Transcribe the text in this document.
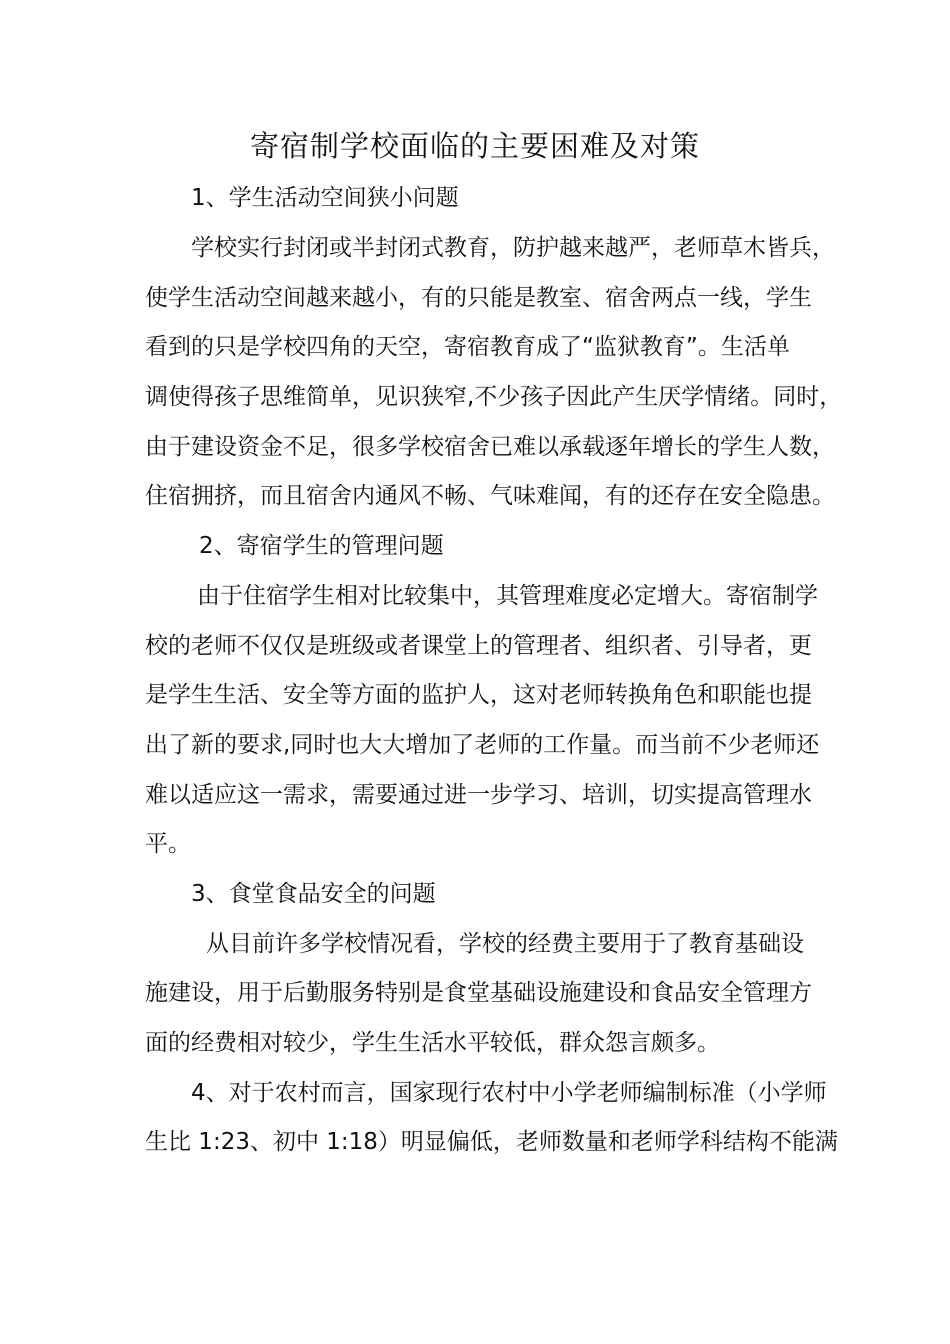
寄宿制学校面临的主要困难及对策

1、学生活动空间狭小问题

学校实行封闭或半封闭式教育，防护越来越严，老师草木皆兵，

使学生活动空间越来越小，有的只能是教室、宿舍两点一线，学生

看到的只是学校四角的天空，寄宿教育成了“监狱教育”。生活单

调使得孩子思维简单，见识狭窄,不少孩子因此产生厌学情绪。同时，

由于建设资金不足，很多学校宿舍已难以承载逐年增长的学生人数，

住宿拥挤，而且宿舍内通风不畅、气味难闻，有的还存在安全隐患。

2、寄宿学生的管理问题

由于住宿学生相对比较集中，其管理难度必定增大。寄宿制学

校的老师不仅仅是班级或者课堂上的管理者、组织者、引导者，更

是学生生活、安全等方面的监护人，这对老师转换角色和职能也提

出了新的要求,同时也大大增加了老师的工作量。而当前不少老师还

难以适应这一需求，需要通过进一步学习、培训，切实提高管理水

平。

3、食堂食品安全的问题

从目前许多学校情况看，学校的经费主要用于了教育基础设

施建设，用于后勤服务特别是食堂基础设施建设和食品安全管理方

面的经费相对较少，学生生活水平较低，群众怨言颇多。

4、对于农村而言，国家现行农村中小学老师编制标准（小学师

生比 1:23、初中 1:18）明显偏低，老师数量和老师学科结构不能满
